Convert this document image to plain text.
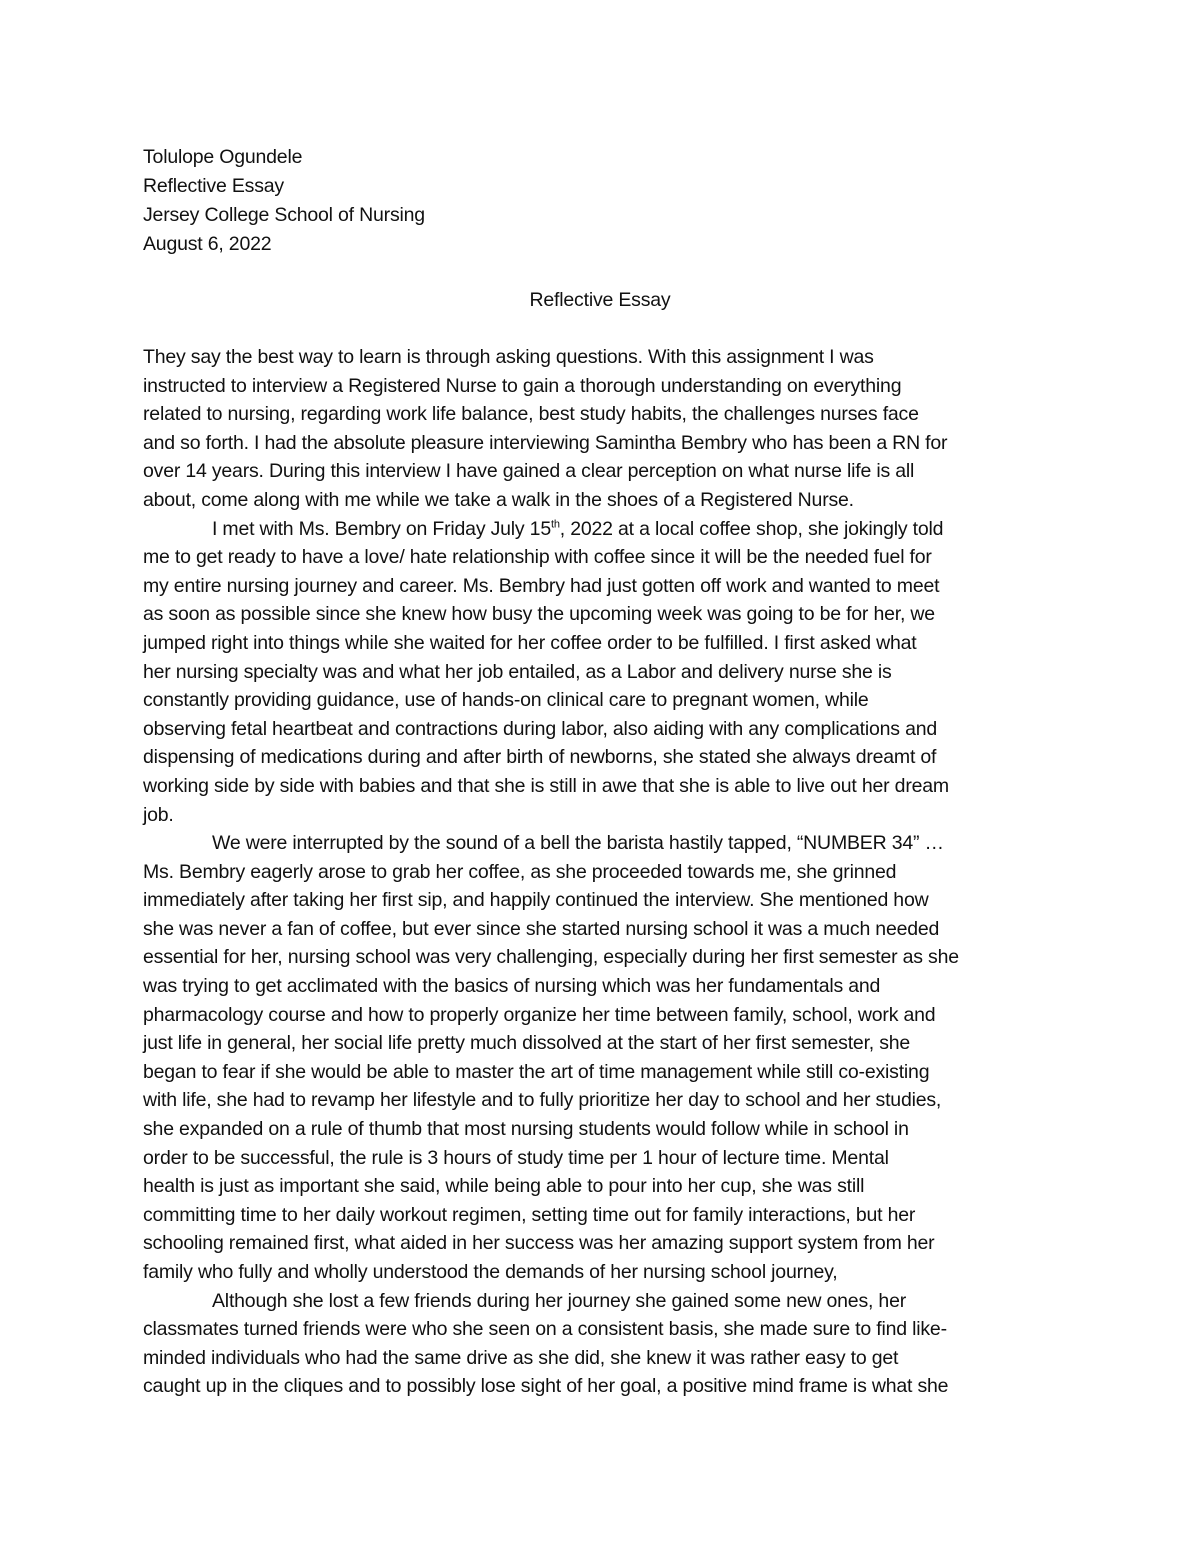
Tolulope Ogundele
Reflective Essay
Jersey College School of Nursing
August 6, 2022
Reflective Essay
They say the best way to learn is through asking questions. With this assignment I was
instructed to interview a Registered Nurse to gain a thorough understanding on everything
related to nursing, regarding work life balance, best study habits, the challenges nurses face
and so forth. I had the absolute pleasure interviewing Samintha Bembry who has been a RN for
over 14 years. During this interview I have gained a clear perception on what nurse life is all
about, come along with me while we take a walk in the shoes of a Registered Nurse.
I met with Ms. Bembry on Friday July 15th, 2022 at a local coffee shop, she jokingly told
me to get ready to have a love/ hate relationship with coffee since it will be the needed fuel for
my entire nursing journey and career. Ms. Bembry had just gotten off work and wanted to meet
as soon as possible since she knew how busy the upcoming week was going to be for her, we
jumped right into things while she waited for her coffee order to be fulfilled. I first asked what
her nursing specialty was and what her job entailed, as a Labor and delivery nurse she is
constantly providing guidance, use of hands-on clinical care to pregnant women, while
observing fetal heartbeat and contractions during labor, also aiding with any complications and
dispensing of medications during and after birth of newborns, she stated she always dreamt of
working side by side with babies and that she is still in awe that she is able to live out her dream
job.
We were interrupted by the sound of a bell the barista hastily tapped, “NUMBER 34” …
Ms. Bembry eagerly arose to grab her coffee, as she proceeded towards me, she grinned
immediately after taking her first sip, and happily continued the interview. She mentioned how
she was never a fan of coffee, but ever since she started nursing school it was a much needed
essential for her, nursing school was very challenging, especially during her first semester as she
was trying to get acclimated with the basics of nursing which was her fundamentals and
pharmacology course and how to properly organize her time between family, school, work and
just life in general, her social life pretty much dissolved at the start of her first semester, she
began to fear if she would be able to master the art of time management while still co-existing
with life, she had to revamp her lifestyle and to fully prioritize her day to school and her studies,
she expanded on a rule of thumb that most nursing students would follow while in school in
order to be successful, the rule is 3 hours of study time per 1 hour of lecture time. Mental
health is just as important she said, while being able to pour into her cup, she was still
committing time to her daily workout regimen, setting time out for family interactions, but her
schooling remained first, what aided in her success was her amazing support system from her
family who fully and wholly understood the demands of her nursing school journey,
Although she lost a few friends during her journey she gained some new ones, her
classmates turned friends were who she seen on a consistent basis, she made sure to find like-
minded individuals who had the same drive as she did, she knew it was rather easy to get
caught up in the cliques and to possibly lose sight of her goal, a positive mind frame is what she
